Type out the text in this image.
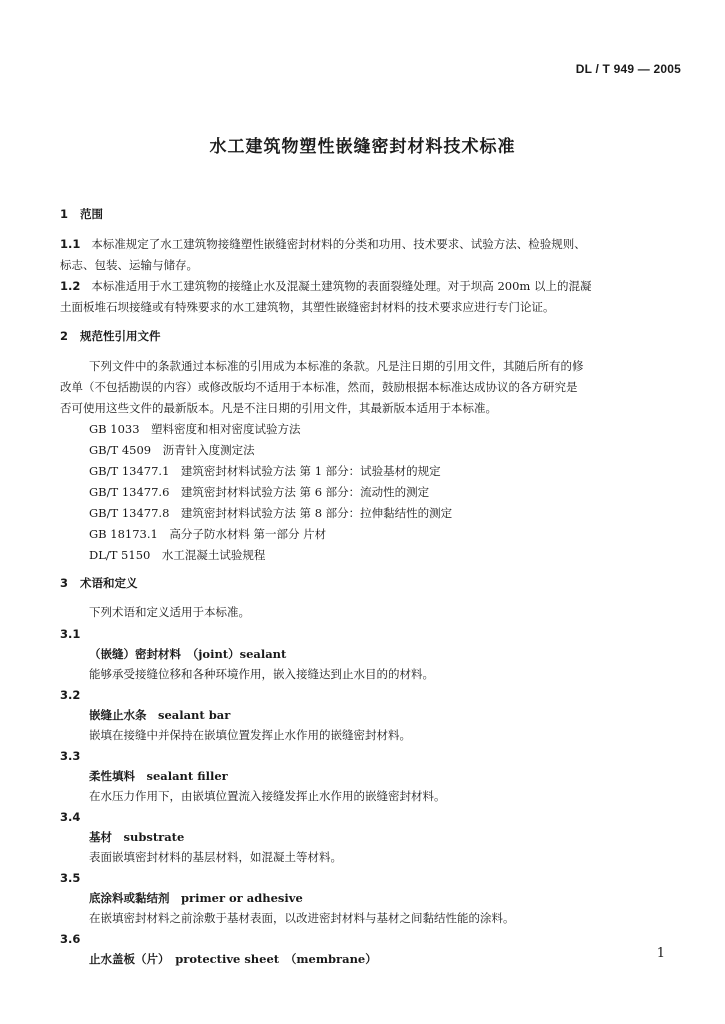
DL / T 949 — 2005
水工建筑物塑性嵌缝密封材料技术标准
1 范围
1.1 本标准规定了水工建筑物接缝塑性嵌缝密封材料的分类和功用、技术要求、试验方法、检验规则、
标志、包装、运输与储存。
1.2 本标准适用于水工建筑物的接缝止水及混凝土建筑物的表面裂缝处理。对于坝高 200m 以上的混凝
土面板堆石坝接缝或有特殊要求的水工建筑物，其塑性嵌缝密封材料的技术要求应进行专门论证。
2 规范性引用文件
下列文件中的条款通过本标准的引用成为本标准的条款。凡是注日期的引用文件，其随后所有的修
改单（不包括勘误的内容）或修改版均不适用于本标准，然而，鼓励根据本标准达成协议的各方研究是
否可使用这些文件的最新版本。凡是不注日期的引用文件，其最新版本适用于本标准。
GB 1033　塑料密度和相对密度试验方法
GB/T 4509　沥青针入度测定法
GB/T 13477.1　建筑密封材料试验方法 第 1 部分：试验基材的规定
GB/T 13477.6　建筑密封材料试验方法 第 6 部分：流动性的测定
GB/T 13477.8　建筑密封材料试验方法 第 8 部分：拉伸黏结性的测定
GB 18173.1　高分子防水材料 第一部分 片材
DL/T 5150　水工混凝土试验规程
3 术语和定义
下列术语和定义适用于本标准。
3.1
（嵌缝）密封材料　（joint）sealant
能够承受接缝位移和各种环境作用，嵌入接缝达到止水目的的材料。
3.2
嵌缝止水条　sealant bar
嵌填在接缝中并保持在嵌填位置发挥止水作用的嵌缝密封材料。
3.3
柔性填料　sealant filler
在水压力作用下，由嵌填位置流入接缝发挥止水作用的嵌缝密封材料。
3.4
基材　substrate
表面嵌填密封材料的基层材料，如混凝土等材料。
3.5
底涂料或黏结剂　primer or adhesive
在嵌填密封材料之前涂敷于基材表面，以改进密封材料与基材之间黏结性能的涂料。
3.6
止水盖板（片）　protective sheet　（membrane）	1
